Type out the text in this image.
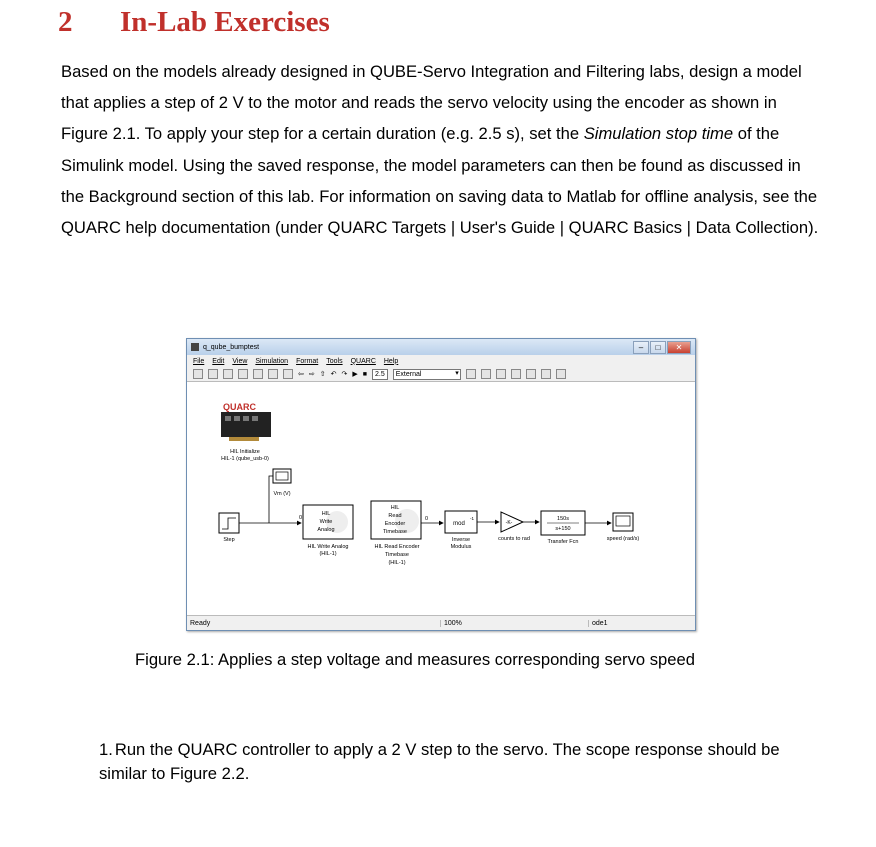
2 In-Lab Exercises

Based on the models already designed in QUBE-Servo Integration and Filtering labs, design a model that applies a step of 2 V to the motor and reads the servo velocity using the encoder as shown in Figure 2.1. To apply your step for a certain duration (e.g. 2.5 s), set the Simulation stop time of the Simulink model. Using the saved response, the model parameters can then be found as discussed in the Background section of this lab. For information on saving data to Matlab for offline analysis, see the QUARC help documentation (under QUARC Targets | User's Guide | QUARC Basics | Data Collection).

q_qube_bumptest	–	□	✕
File Edit View Simulation Format Tools QUARC Help
⇦ ⇨ ⇧ ↶ ↷ ▶ ■	2.5	External ▾
QUARC
HIL Initialize
HIL-1 (qube_usb-0)
Vm (V)
Step
0
HIL
Write
Analog
HIL Write Analog
(HIL-1)
HIL
Read
Encoder
Timebase
0
HIL Read Encoder
Timebase
(HIL-1)
mod
-1
Inverse
Modulus
-K-
counts to rad
150s
s+150
Transfer Fcn	speed (rad/s)
Ready	100%	ode1
Figure 2.1: Applies a step voltage and measures corresponding servo speed
1. Run the QUARC controller to apply a 2 V step to the servo. The scope response should be similar to Figure 2.2.
